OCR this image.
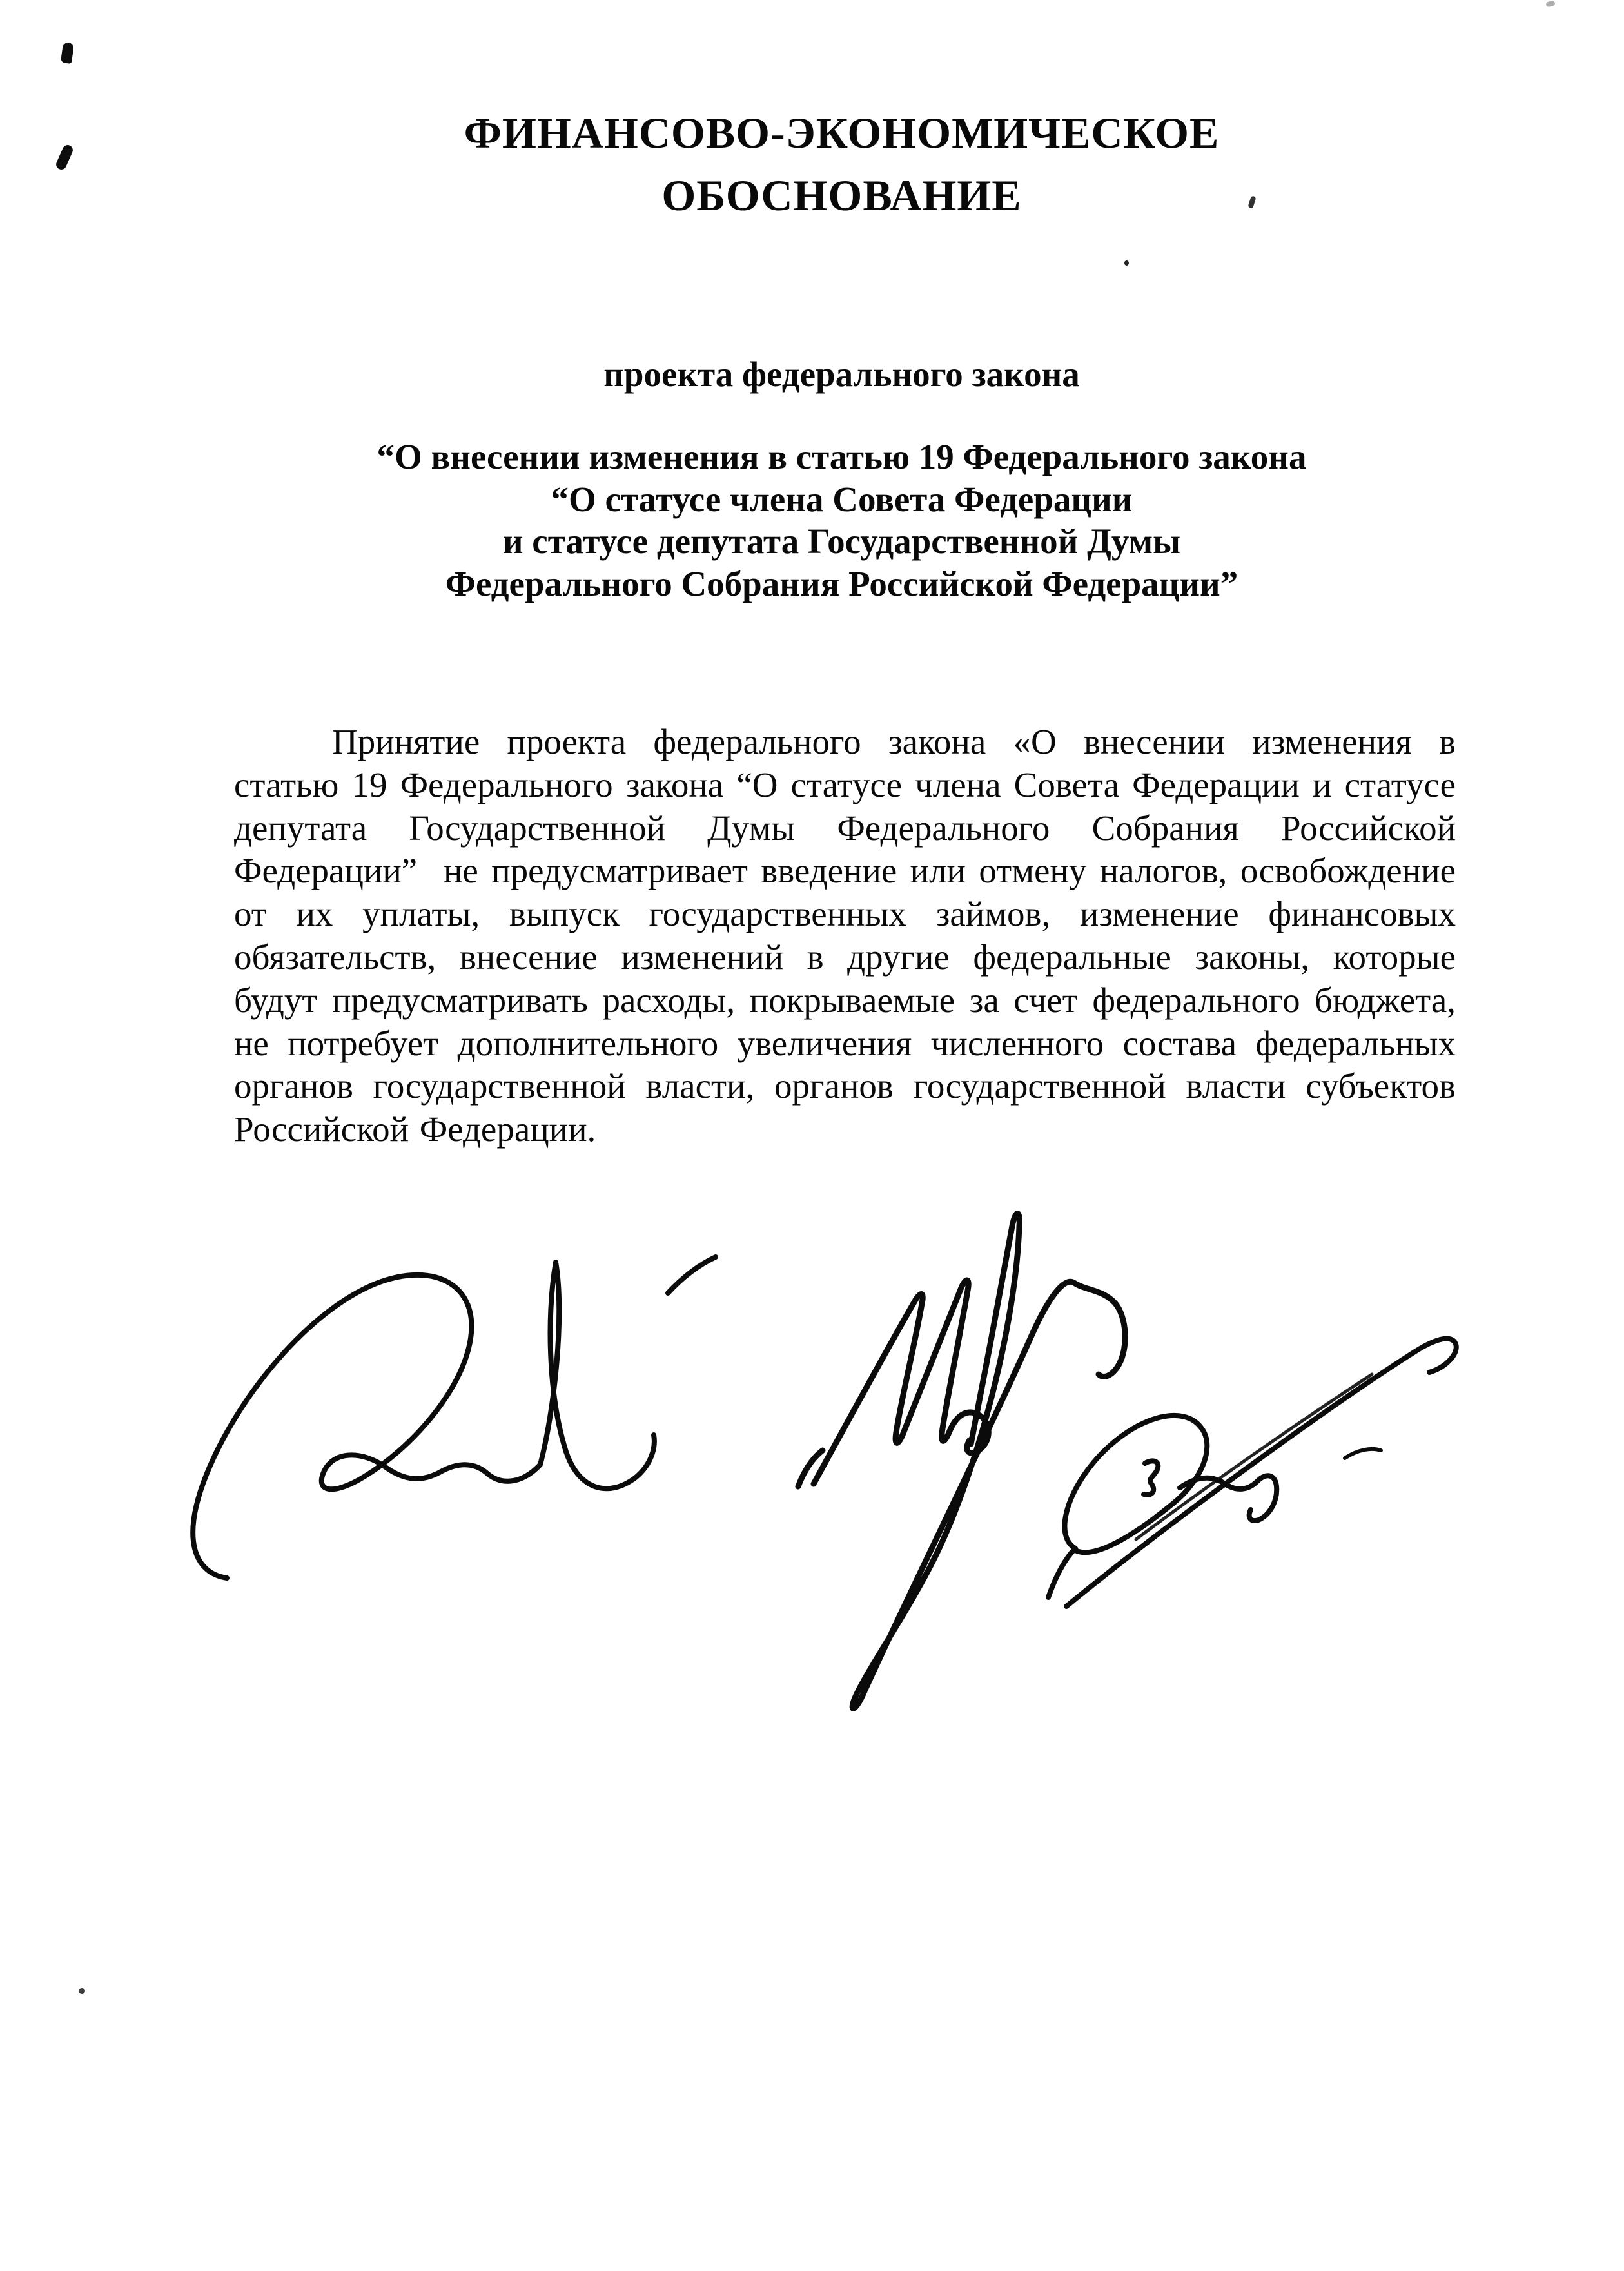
ФИНАНСОВО-ЭКОНОМИЧЕСКОЕ
ОБОСНОВАНИЕ
проекта федерального закона
“О внесении изменения в статью 19 Федерального закона
“О статусе члена Совета Федерации
и статусе депутата Государственной Думы
Федерального Собрания Российской Федерации”

Принятие проекта федерального закона «О внесении изменения в статью 19 Федерального закона “О статусе члена Совета Федерации и статусе депутата Государственной Думы Федерального Собрания Российской Федерации”  не предусматривает введение или отмену налогов, освобождение от их уплаты, выпуск государственных займов, изменение финансовых обязательств, внесение изменений в другие федеральные законы, которые будут предусматривать расходы, покрываемые за счет федерального бюджета, не потребует дополнительного увеличения численного состава федеральных органов государственной власти, органов государственной власти субъектов Российской Федерации.
